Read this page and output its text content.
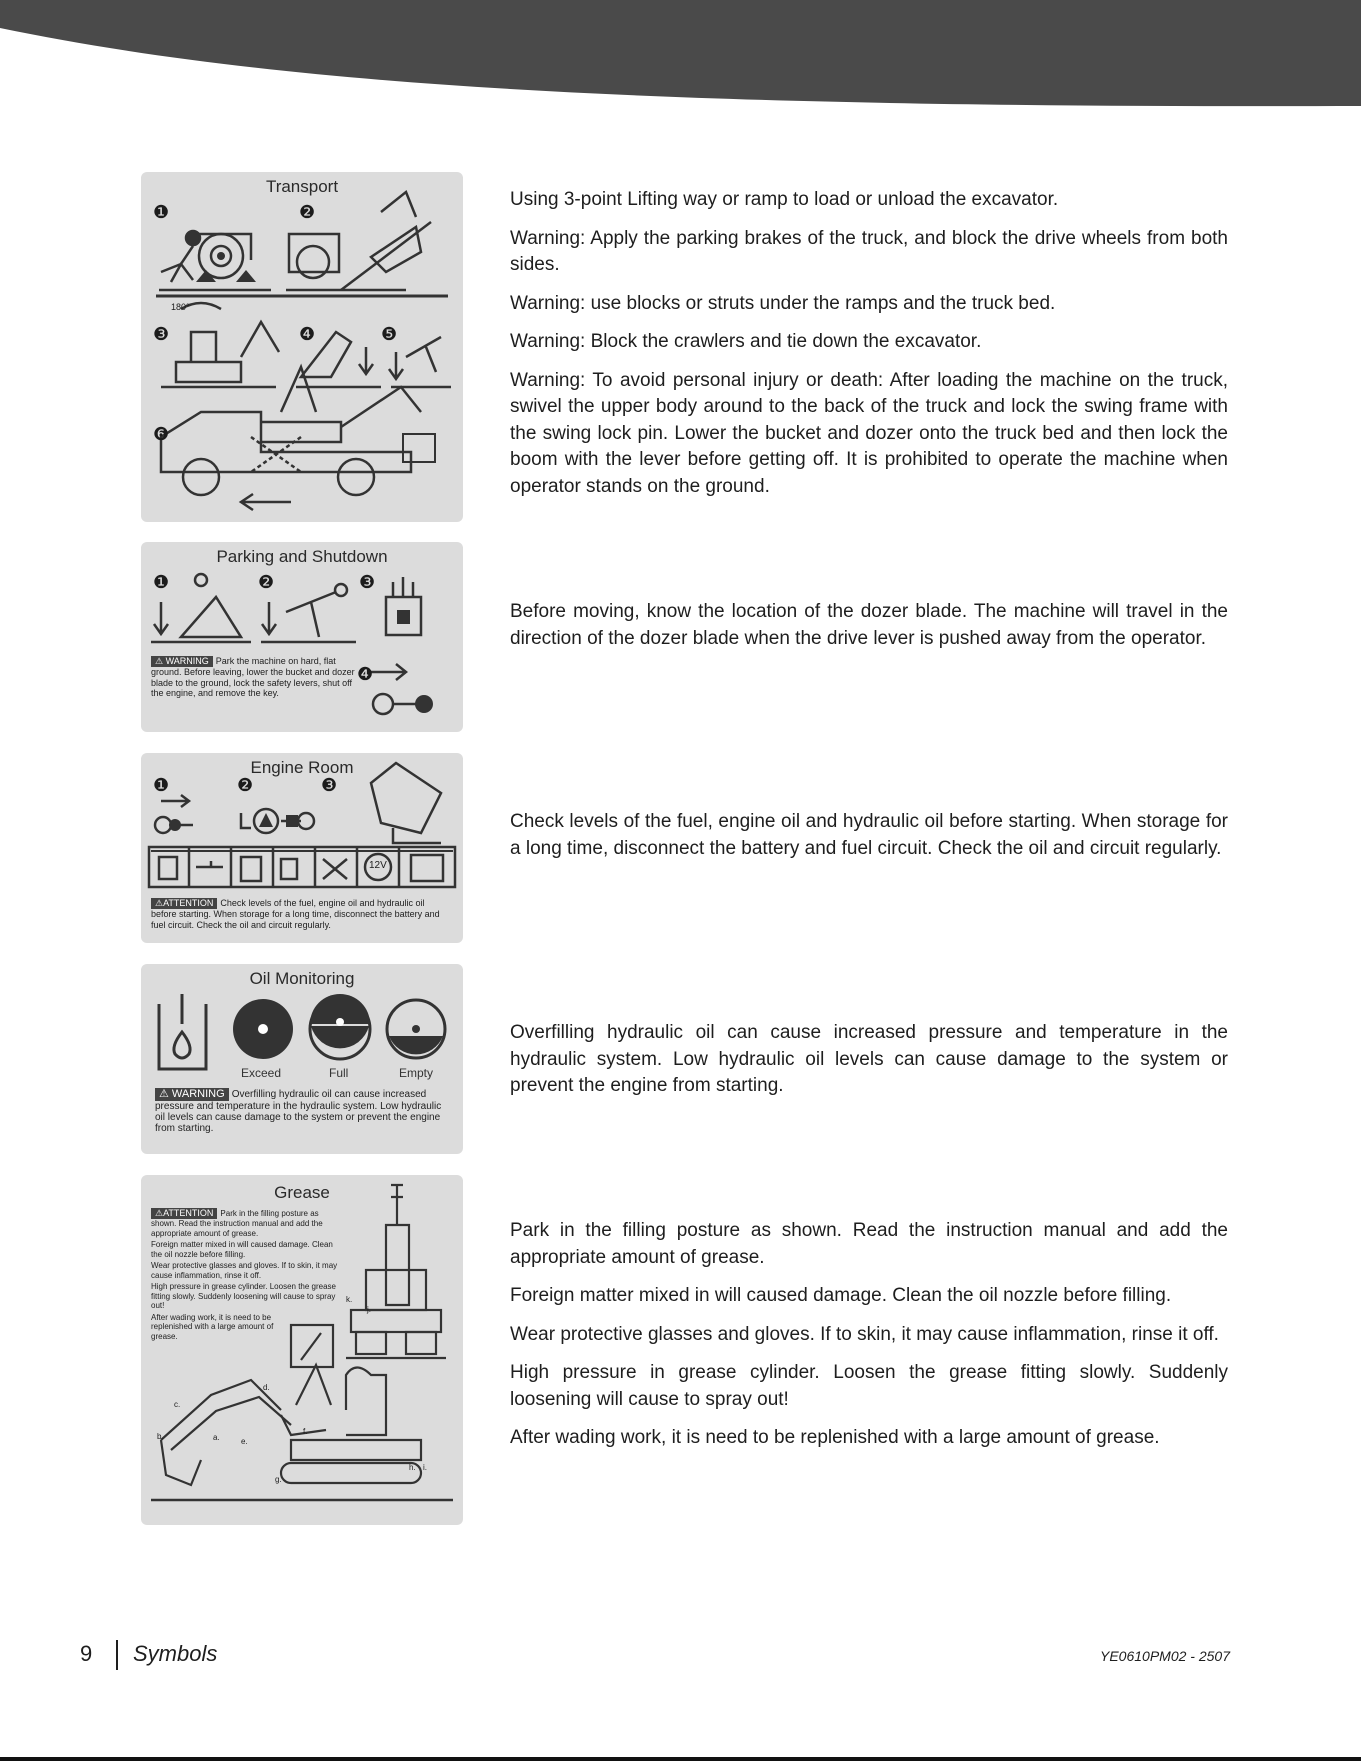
Transport
❶	❷
180°
❸	❹	❺
❻
Parking and Shutdown
❶	❷	❸
❹
⚠ WARNING Park the machine on hard, flat ground. Before leaving, lower the bucket and dozer blade to the ground, lock the safety levers, shut off the engine, and remove the key.
Engine Room
❶	❷	❸
12V
⚠ATTENTION Check levels of the fuel, engine oil and hydraulic oil before starting. When storage for a long time, disconnect the battery and fuel circuit. Check the oil and circuit regularly.
Oil Monitoring
Exceed	Full	Empty
⚠ WARNING Overfilling hydraulic oil can cause increased pressure and temperature in the hydraulic system. Low hydraulic oil levels can cause damage to the system or prevent the engine from starting.
Grease
⚠ATTENTION Park in the filling posture as shown. Read the instruction manual and add the appropriate amount of grease.
Foreign matter mixed in will caused damage. Clean the oil nozzle before filling.
Wear protective glasses and gloves. If to skin, it may cause inflammation, rinse it off.
High pressure in grease cylinder. Loosen the grease fitting slowly. Suddenly loosening will cause to spray out!
After wading work, it is need to be replenished with a large amount of grease.
a.
b.
c.
d.
e.
f.
g.
h. i.
j.
k.

Using 3-point Lifting way or ramp to load or unload the excavator.

Warning: Apply the parking brakes of the truck, and block the drive wheels from both sides.

Warning: use blocks or struts under the ramps and the truck bed.

Warning: Block the crawlers and tie down the excavator.

Warning: To avoid personal injury or death: After loading the machine on the truck, swivel the upper body around to the back of the truck and lock the swing frame with the swing lock pin. Lower the bucket and dozer onto the truck bed and then lock the boom with the lever before getting off. It is prohibited to operate the machine when operator stands on the ground.

Before moving, know the location of the dozer blade. The machine will travel in the direction of the dozer blade when the drive lever is pushed away from the operator.

Check levels of the fuel, engine oil and hydraulic oil before starting. When storage for a long time, disconnect the battery and fuel circuit. Check the oil and circuit regularly.

Overfilling hydraulic oil can cause increased pressure and temperature in the hydraulic system. Low hydraulic oil levels can cause damage to the system or prevent the engine from starting.

Park in the filling posture as shown. Read the instruction manual and add the appropriate amount of grease.

Foreign matter mixed in will caused damage. Clean the oil nozzle before filling.

Wear protective glasses and gloves. If to skin, it may cause inflammation, rinse it off.

High pressure in grease cylinder. Loosen the grease fitting slowly. Suddenly loosening will cause to spray out!

After wading work, it is need to be replenished with a large amount of grease.

9 Symbols	YE0610PM02 - 2507
